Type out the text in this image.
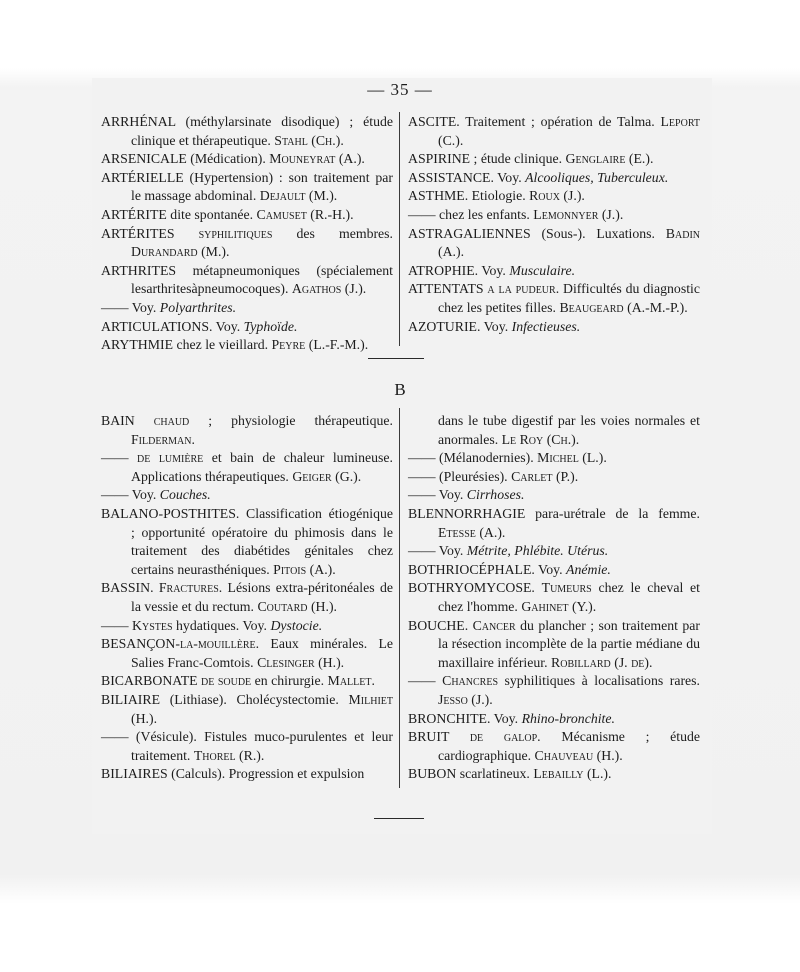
— 35 —
ARRHÉNAL (méthylarsinate disodique) ; étude clinique et thérapeutique. Stahl (Ch.).
ARSENICALE (Médication). Mouneyrat (A.).
ARTÉRIELLE (Hypertension) : son traitement par le massage abdominal. Dejault (M.).
ARTÉRITE dite spontanée. Camuset (R.-H.).
ARTÉRITES syphilitiques des membres. Durandard (M.).
ARTHRITES métapneumoniques (spécialement lesarthritesàpneumocoques). Agathos (J.).
—— Voy. Polyarthrites.
ARTICULATIONS. Voy. Typhoïde.
ARYTHMIE chez le vieillard. Peyre (L.-F.-M.).
ASCITE. Traitement ; opération de Talma. Leport (C.).
ASPIRINE ; étude clinique. Genglaire (E.).
ASSISTANCE. Voy. Alcooliques, Tuberculeux.
ASTHME. Etiologie. Roux (J.).
—— chez les enfants. Lemonnyer (J.).
ASTRAGALIENNES (Sous-). Luxations. Badin (A.).
ATROPHIE. Voy. Musculaire.
ATTENTATS a la pudeur. Difficultés du diagnostic chez les petites filles. Beaugeard (A.-M.-P.).
AZOTURIE. Voy. Infectieuses.
B
BAIN chaud ; physiologie thérapeutique. Filderman.
—— de lumière et bain de chaleur lumineuse. Applications thérapeutiques. Geiger (G.).
—— Voy. Couches.
BALANO-POSTHITES. Classification étiogénique ; opportunité opératoire du phimosis dans le traitement des diabétides génitales chez certains neurasthéniques. Pitois (A.).
BASSIN. Fractures. Lésions extra-péritonéales de la vessie et du rectum. Coutard (H.).
—— Kystes hydatiques. Voy. Dystocie.
BESANÇON-la-mouillère. Eaux minérales. Le Salies Franc-Comtois. Clesinger (H.).
BICARBONATE de soude en chirurgie. Mallet.
BILIAIRE (Lithiase). Cholécystectomie. Milhiet (H.).
—— (Vésicule). Fistules muco-purulentes et leur traitement. Thorel (R.).
BILIAIRES (Calculs). Progression et expulsion
dans le tube digestif par les voies normales et anormales. Le Roy (Ch.).
—— (Mélanodernies). Michel (L.).
—— (Pleurésies). Carlet (P.).
—— Voy. Cirrhoses.
BLENNORRHAGIE para-urétrale de la femme. Etesse (A.).
—— Voy. Métrite, Phlébite. Utérus.
BOTHRIOCÉPHALE. Voy. Anémie.
BOTHRYOMYCOSE. Tumeurs chez le cheval et chez l'homme. Gahinet (Y.).
BOUCHE. Cancer du plancher ; son traitement par la résection incomplète de la partie médiane du maxillaire inférieur. Robillard (J. de).
—— Chancres syphilitiques à localisations rares. Jesso (J.).
BRONCHITE. Voy. Rhino-bronchite.
BRUIT de galop. Mécanisme ; étude cardiographique. Chauveau (H.).
BUBON scarlatineux. Lebailly (L.).
